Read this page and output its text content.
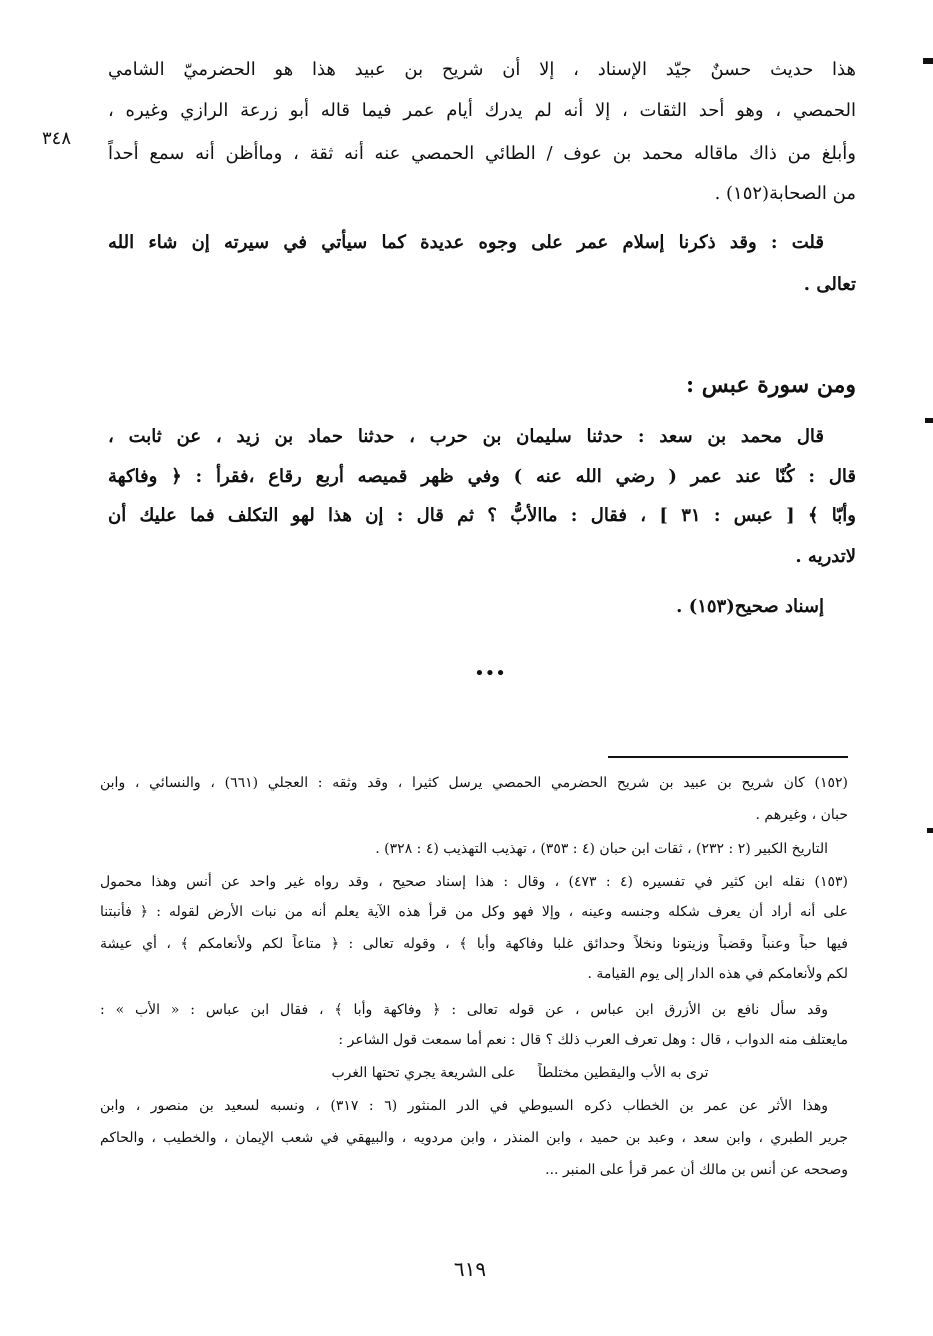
هذا حديث حسنٌ جيّد الإسناد ، إلا أن شريح بن عبيد هذا هو الحضرميّ الشامي
الحمصي ، وهو أحد الثقات ، إلا أنه لم يدرك أيام عمر فيما قاله أبو زرعة الرازي وغيره ،
وأبلغ من ذاك ماقاله محمد بن عوف / الطائي الحمصي عنه أنه ثقة ، وماأظن أنه سمع أحداً
من الصحابة(١٥٢) .
٣٤٨
قلت : وقد ذكرنا إسلام عمر على وجوه عديدة كما سيأتي في سيرته إن شاء الله
تعالى .
ومن سورة عبس :
قال محمد بن سعد : حدثنا سليمان بن حرب ، حدثنا حماد بن زيد ، عن ثابت ،
قال : كُنّا عند عمر ( رضي الله عنه ) وفي ظهر قميصه أربع رقاع ،فقرأ : ﴿ وفاكهة
وأبّا ﴾ [ عبس : ٣١ ] ، فقال : ماالأبُّ ؟ ثم قال : إن هذا لهو التكلف فما عليك أن
لاتدريه .
إسناد صحيح(١٥٣) .
•••
(١٥٢) كان شريح بن عبيد بن شريح الحضرمي الحمصي يرسل كثيرا ، وقد وثقه : العجلي (٦٦١) ، والنسائي ، وابن
حبان ، وغيرهم .
التاريخ الكبير (٢ : ٢٣٢) ، ثقات ابن حبان (٤ : ٣٥٣) ، تهذيب التهذيب (٤ : ٣٢٨) .
(١٥٣) نقله ابن كثير في تفسيره (٤ : ٤٧٣) ، وقال : هذا إسناد صحيح ، وقد رواه غير واحد عن أنس وهذا محمول
على أنه أراد أن يعرف شكله وجنسه وعينه ، وإلا فهو وكل من قرأ هذه الآية يعلم أنه من نبات الأرض لقوله : ﴿ فأنبتنا
فيها حباً وعنباً وقضباً وزيتونا ونخلاً وحدائق غلبا وفاكهة وأبا ﴾ ، وقوله تعالى : ﴿ متاعاً لكم ولأنعامكم ﴾ ، أي عيشة
لكم ولأنعامكم في هذه الدار إلى يوم القيامة .
وقد سأل نافع بن الأزرق ابن عباس ، عن قوله تعالى : ﴿ وفاكهة وأبا ﴾ ، فقال ابن عباس : « الأب » :
مايعتلف منه الدواب ، قال : وهل تعرف العرب ذلك ؟ قال : نعم أما سمعت قول الشاعر :
ترى به الأب واليقطين مختلطاً     على الشريعة يجري تحتها الغرب
وهذا الأثر عن عمر بن الخطاب ذكره السيوطي في الدر المنثور (٦ : ٣١٧) ، ونسبه لسعيد بن منصور ، وابن
جرير الطبري ، وابن سعد ، وعبد بن حميد ، وابن المنذر ، وابن مردويه ، والبيهقي في شعب الإيمان ، والخطيب ، والحاكم
وصححه عن أنس بن مالك أن عمر قرأ على المنبر ...
٦١٩
